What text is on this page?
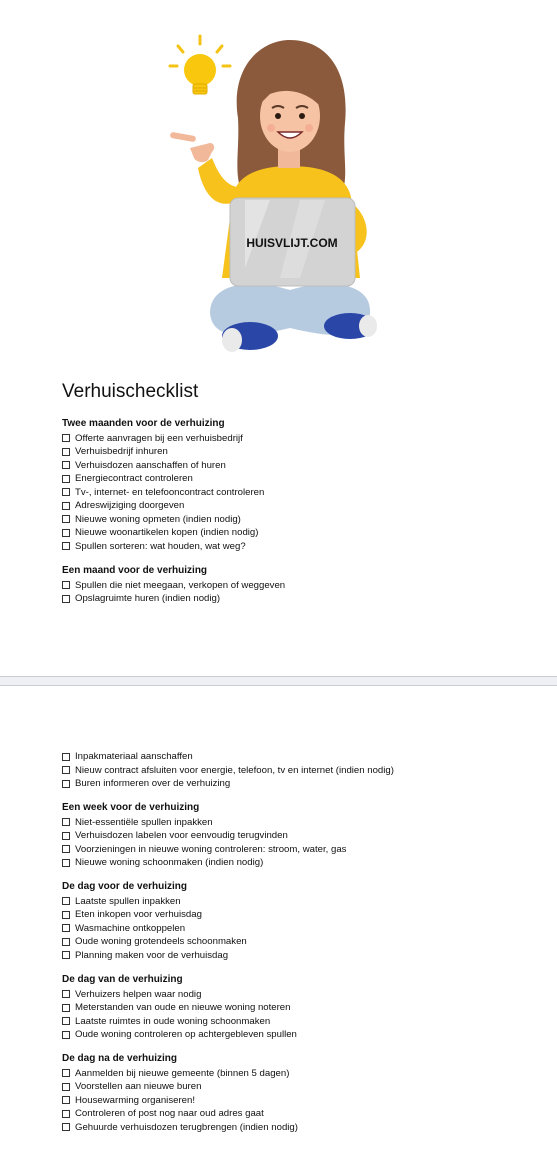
HUISVLIJT.COM
Verhuischecklist
Twee maanden voor de verhuizing
Offerte aanvragen bij een verhuisbedrijf
Verhuisbedrijf inhuren
Verhuisdozen aanschaffen of huren
Energiecontract controleren
Tv-, internet- en telefooncontract controleren
Adreswijziging doorgeven
Nieuwe woning opmeten (indien nodig)
Nieuwe woonartikelen kopen (indien nodig)
Spullen sorteren: wat houden, wat weg?
Een maand voor de verhuizing
Spullen die niet meegaan, verkopen of weggeven
Opslagruimte huren (indien nodig)
Inpakmateriaal aanschaffen
Nieuw contract afsluiten voor energie, telefoon, tv en internet (indien nodig)
Buren informeren over de verhuizing
Een week voor de verhuizing
Niet-essentiële spullen inpakken
Verhuisdozen labelen voor eenvoudig terugvinden
Voorzieningen in nieuwe woning controleren: stroom, water, gas
Nieuwe woning schoonmaken (indien nodig)
De dag voor de verhuizing
Laatste spullen inpakken
Eten inkopen voor verhuisdag
Wasmachine ontkoppelen
Oude woning grotendeels schoonmaken
Planning maken voor de verhuisdag
De dag van de verhuizing
Verhuizers helpen waar nodig
Meterstanden van oude en nieuwe woning noteren
Laatste ruimtes in oude woning schoonmaken
Oude woning controleren op achtergebleven spullen
De dag na de verhuizing
Aanmelden bij nieuwe gemeente (binnen 5 dagen)
Voorstellen aan nieuwe buren
Housewarming organiseren!
Controleren of post nog naar oud adres gaat
Gehuurde verhuisdozen terugbrengen (indien nodig)
